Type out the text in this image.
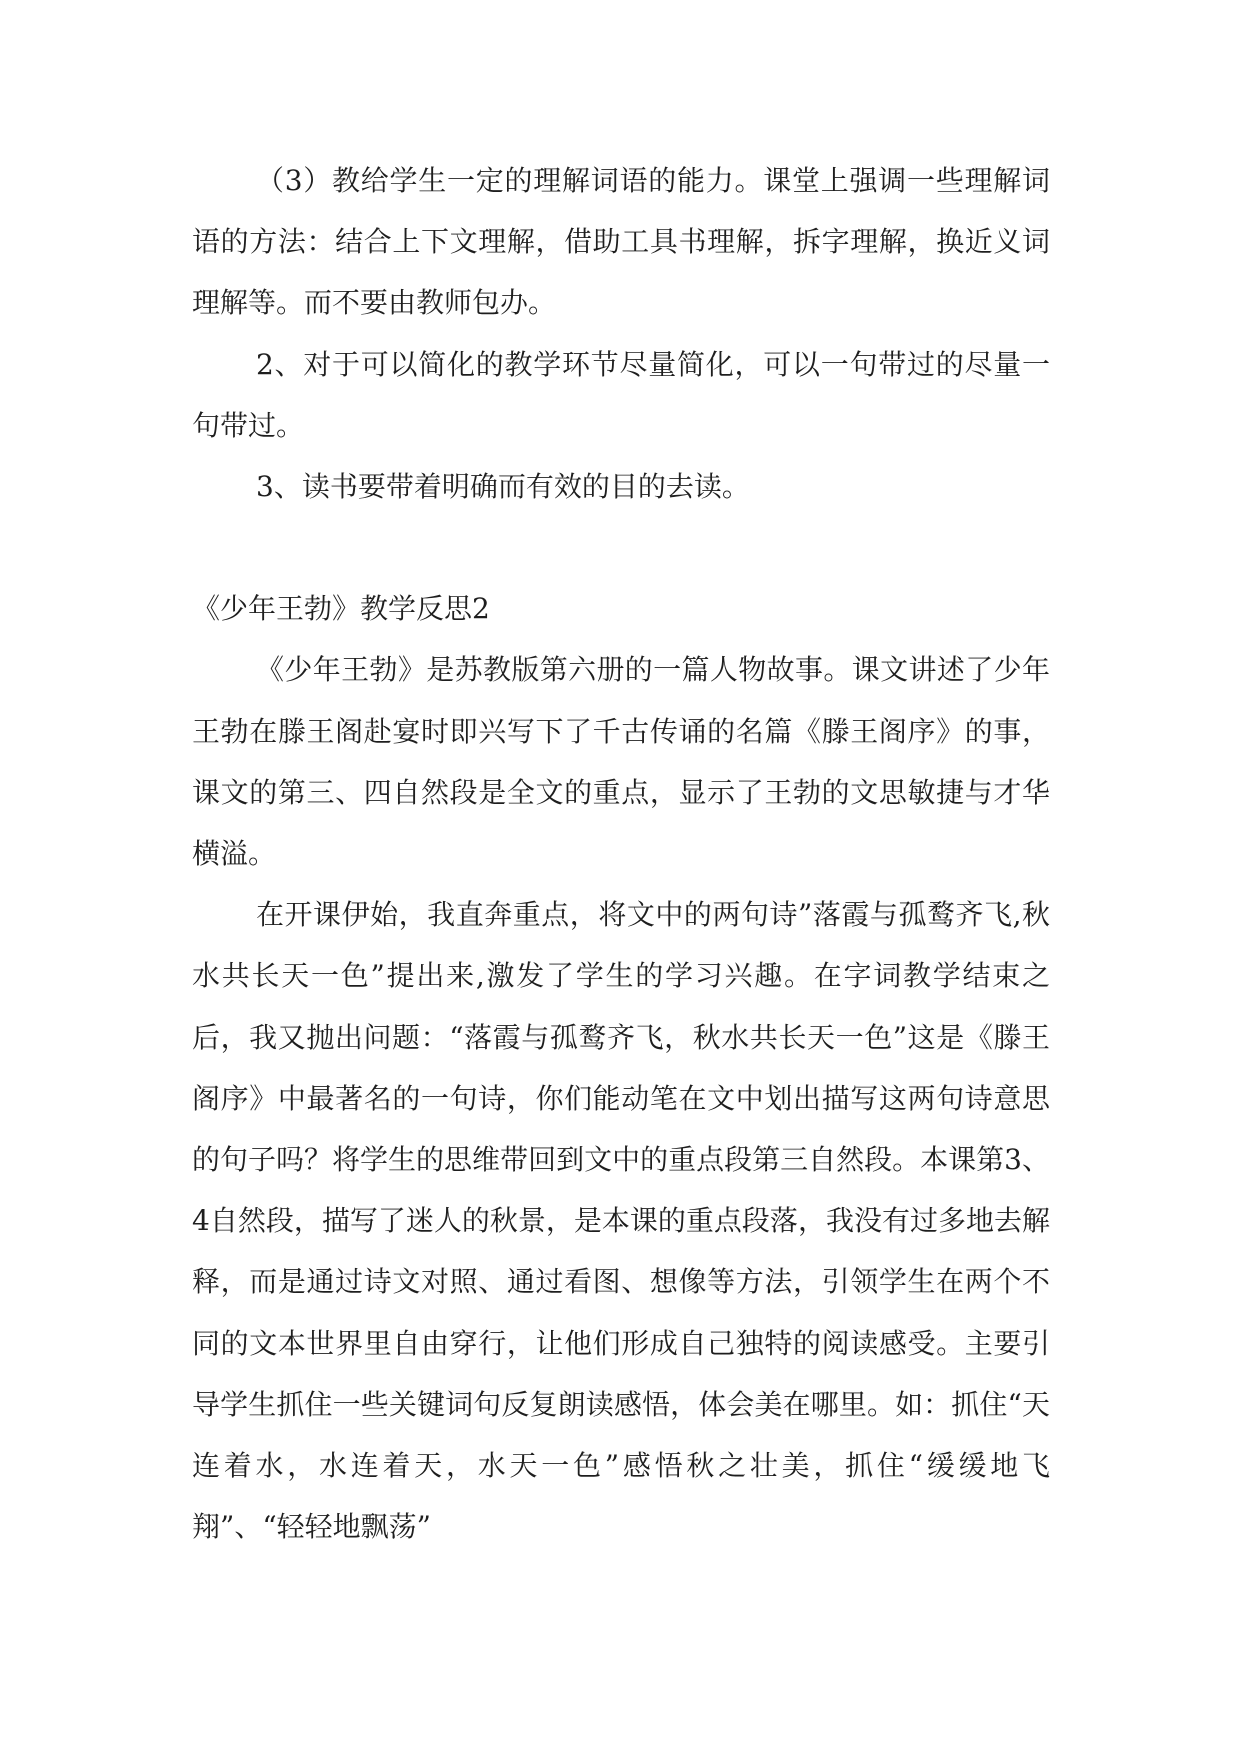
（3）教给学生一定的理解词语的能力。课堂上强调一些理解词语的方法：结合上下文理解，借助工具书理解，拆字理解，换近义词理解等。而不要由教师包办。

2、对于可以简化的教学环节尽量简化，可以一句带过的尽量一句带过。

3、读书要带着明确而有效的目的去读。

《少年王勃》教学反思2

《少年王勃》是苏教版第六册的一篇人物故事。课文讲述了少年王勃在滕王阁赴宴时即兴写下了千古传诵的名篇《滕王阁序》的事，课文的第三、四自然段是全文的重点，显示了王勃的文思敏捷与才华横溢。

在开课伊始，我直奔重点，将文中的两句诗”落霞与孤鹜齐飞,秋水共长天一色”提出来,激发了学生的学习兴趣。在字词教学结束之后，我又抛出问题：“落霞与孤鹜齐飞，秋水共长天一色”这是《滕王阁序》中最著名的一句诗，你们能动笔在文中划出描写这两句诗意思的句子吗？将学生的思维带回到文中的重点段第三自然段。本课第3、4自然段，描写了迷人的秋景，是本课的重点段落，我没有过多地去解释，而是通过诗文对照、通过看图、想像等方法，引领学生在两个不同的文本世界里自由穿行，让他们形成自己独特的阅读感受。主要引导学生抓住一些关键词句反复朗读感悟，体会美在哪里。如：抓住“天连着水，水连着天，水天一色”感悟秋之壮美，抓住“缓缓地飞翔”、“轻轻地飘荡”
